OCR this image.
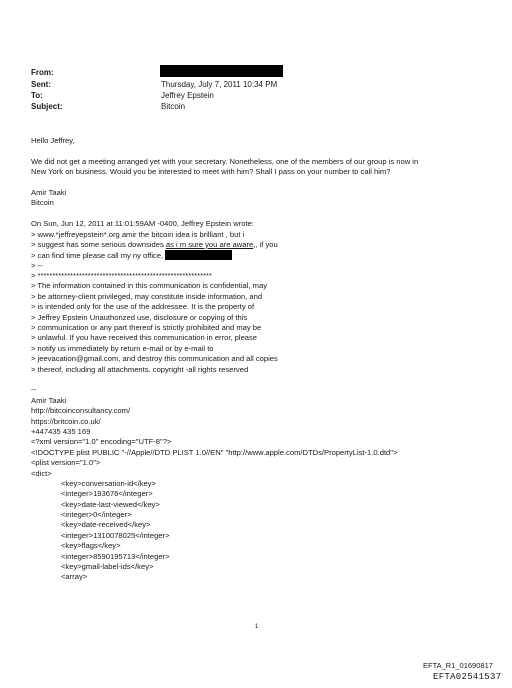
From:
Sent:	Thursday, July 7, 2011 10:34 PM
To:	Jeffrey Epstein
Subject:	Bitcoin
Hello Jeffrey,
We did not get a meeting arranged yet with your secretary. Nonetheless, one of the members of our group is now in
New York on business. Would you be interested to meet with him? Shall I pass on your number to call him?
Amir Taaki
Bitcoin
On Sun, Jun 12, 2011 at 11:01:59AM -0400, Jeffrey Epstein wrote:
> www.*jeffreyepstein*.org amir the bitcoin idea is brilliant , but i
> suggest has some serious downsides as i m sure you are aware,, if you
> can find time please call my ny office,
> --
> ***********************************************************
> The information contained in this communication is confidential, may
> be attorney-client privileged, may constitute inside information, and
> is intended only for the use of the addressee. It is the property of
> Jeffrey Epstein Unauthorized use, disclosure or copying of this
> communication or any part thereof is strictly prohibited and may be
> unlawful. If you have received this communication in error, please
> notify us immediately by return e-mail or by e-mail to
> jeevacation@gmail.com, and destroy this communication and all copies
> thereof, including all attachments. copyright -all rights reserved
--
Amir Taaki
http://bitcoinconsultancy.com/
https://britcoin.co.uk/
+447435 435 169
<?xml version="1.0" encoding="UTF-8"?>
<!DOCTYPE plist PUBLIC "-//Apple//DTD PLIST 1.0//EN" "http://www.apple.com/DTDs/PropertyList-1.0.dtd">
<plist version="1.0">
<dict>
<key>conversation-id</key>
<integer>193676</integer>
<key>date-last-viewed</key>
<integer>0</integer>
<key>date-received</key>
<integer>1310078025</integer>
<key>flags</key>
<integer>8590195713</integer>
<key>gmail-label-ids</key>
<array>
1
EFTA_R1_01690817
EFTA02541537
